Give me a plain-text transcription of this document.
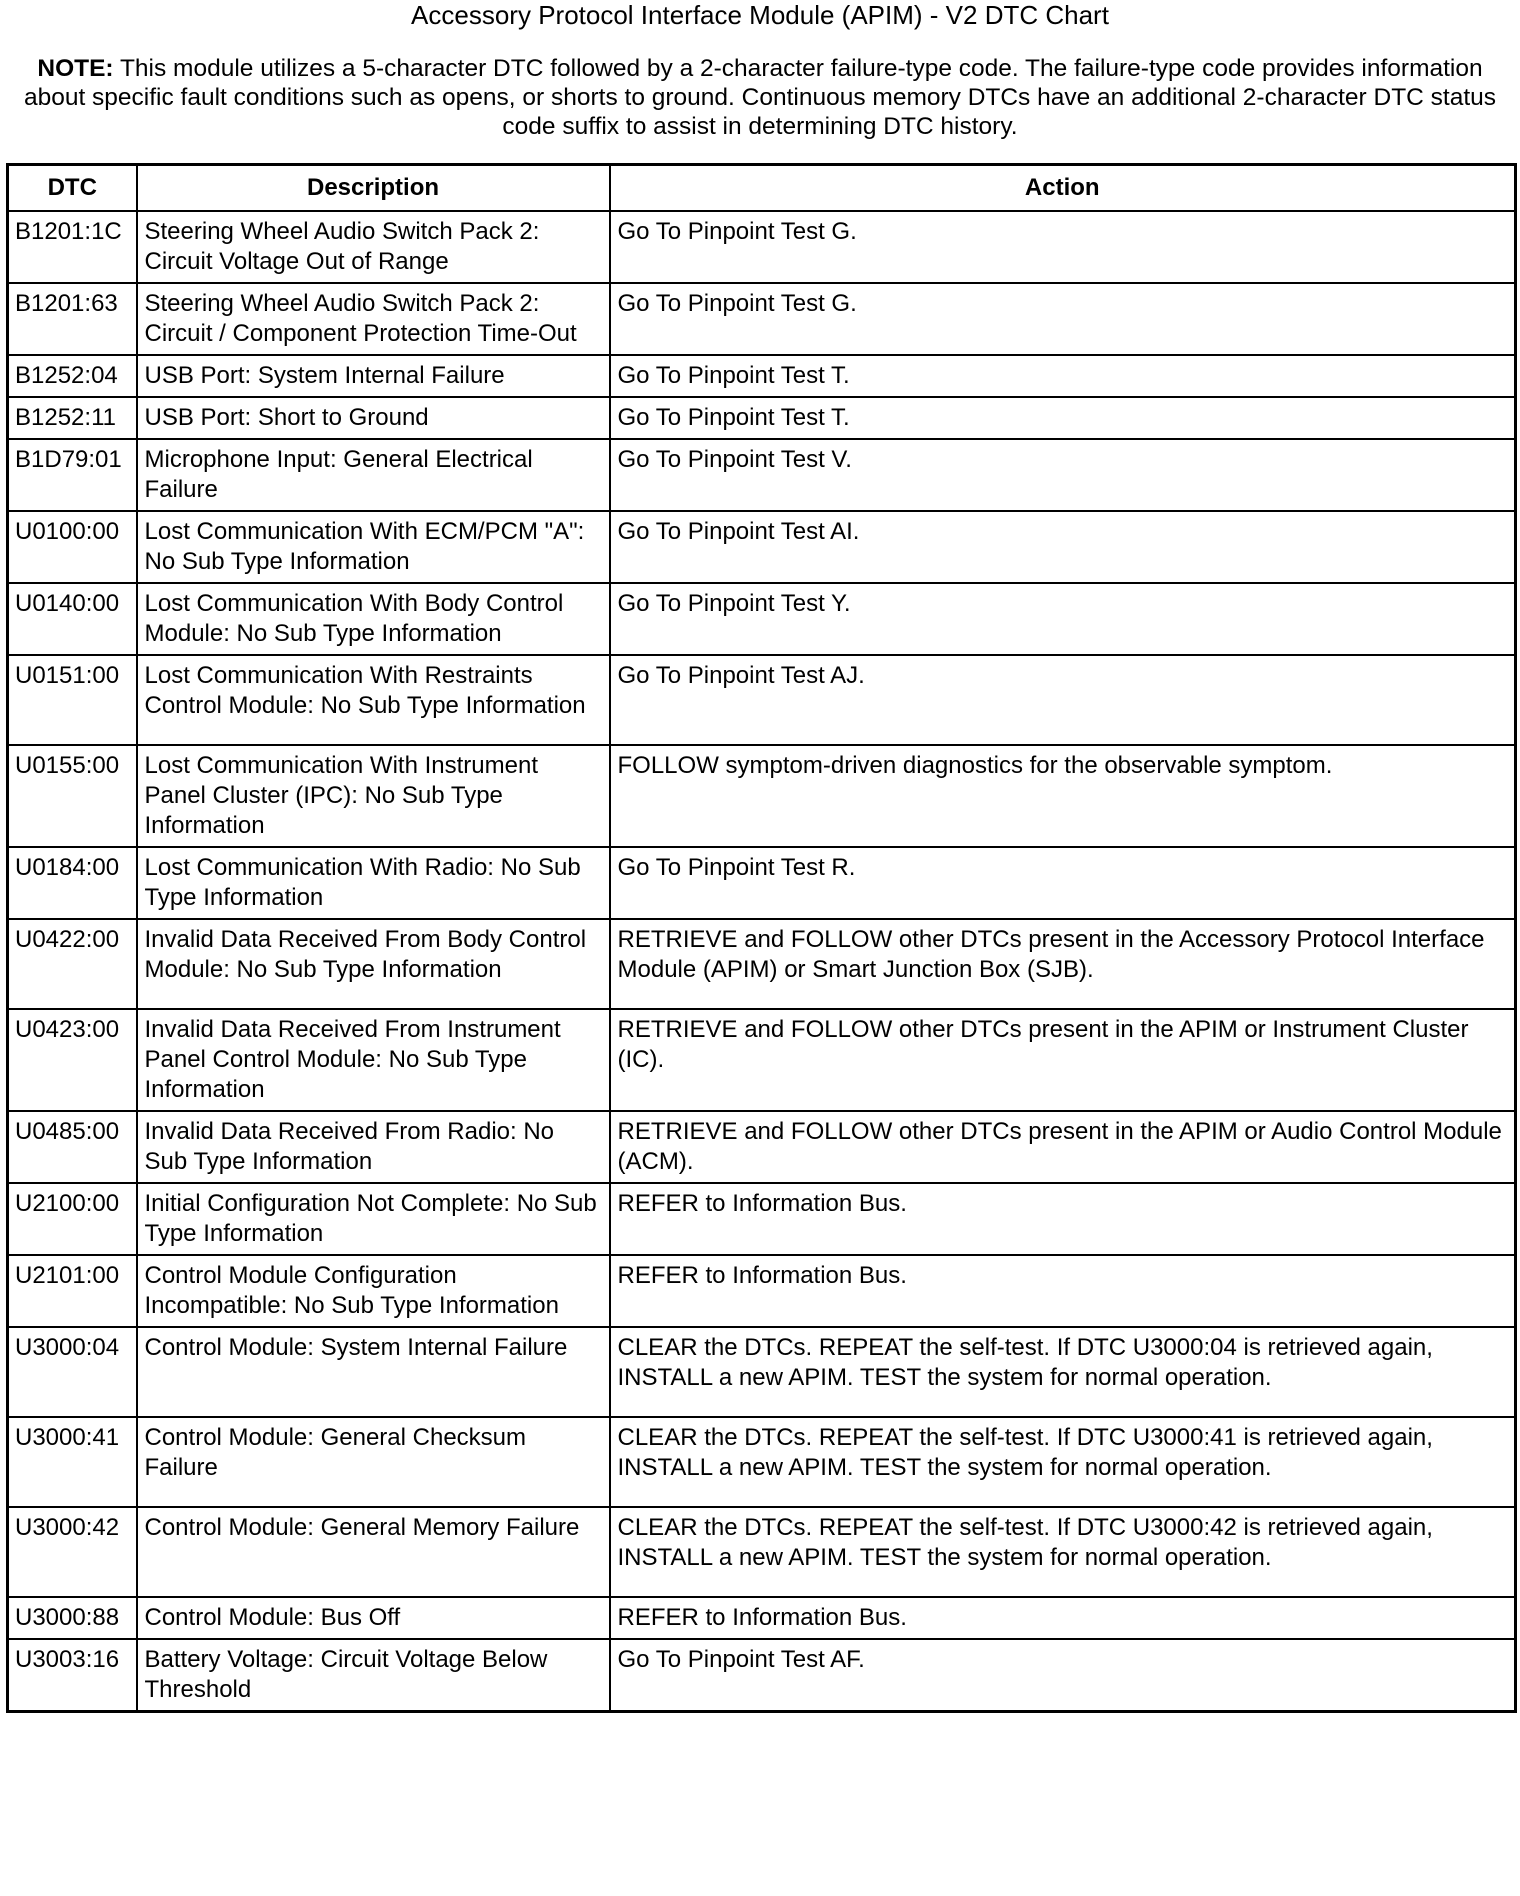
Accessory Protocol Interface Module (APIM) - V2 DTC Chart
NOTE: This module utilizes a 5-character DTC followed by a 2-character failure-type code. The failure-type code provides information about specific fault conditions such as opens, or shorts to ground. Continuous memory DTCs have an additional 2-character DTC status code suffix to assist in determining DTC history.
DTC	Description	Action
B1201:1C	Steering Wheel Audio Switch Pack 2: Circuit Voltage Out of Range	Go To Pinpoint Test G.
B1201:63	Steering Wheel Audio Switch Pack 2: Circuit / Component Protection Time-Out	Go To Pinpoint Test G.
B1252:04	USB Port: System Internal Failure	Go To Pinpoint Test T.
B1252:11	USB Port: Short to Ground	Go To Pinpoint Test T.
B1D79:01	Microphone Input: General Electrical Failure	Go To Pinpoint Test V.
U0100:00	Lost Communication With ECM/PCM "A": No Sub Type Information	Go To Pinpoint Test AI.
U0140:00	Lost Communication With Body Control Module: No Sub Type Information	Go To Pinpoint Test Y.
U0151:00	Lost Communication With Restraints Control Module: No Sub Type Information	Go To Pinpoint Test AJ.
U0155:00	Lost Communication With Instrument Panel Cluster (IPC): No Sub Type Information	FOLLOW symptom-driven diagnostics for the observable symptom.
U0184:00	Lost Communication With Radio: No Sub Type Information	Go To Pinpoint Test R.
U0422:00	Invalid Data Received From Body Control Module: No Sub Type Information	RETRIEVE and FOLLOW other DTCs present in the Accessory Protocol Interface Module (APIM) or Smart Junction Box (SJB).
U0423:00	Invalid Data Received From Instrument Panel Control Module: No Sub Type Information	RETRIEVE and FOLLOW other DTCs present in the APIM or Instrument Cluster (IC).
U0485:00	Invalid Data Received From Radio: No Sub Type Information	RETRIEVE and FOLLOW other DTCs present in the APIM or Audio Control Module (ACM).
U2100:00	Initial Configuration Not Complete: No Sub Type Information	REFER to Information Bus.
U2101:00	Control Module Configuration Incompatible: No Sub Type Information	REFER to Information Bus.
U3000:04	Control Module: System Internal Failure	CLEAR the DTCs. REPEAT the self-test. If DTC U3000:04 is retrieved again, INSTALL a new APIM. TEST the system for normal operation.
U3000:41	Control Module: General Checksum Failure	CLEAR the DTCs. REPEAT the self-test. If DTC U3000:41 is retrieved again, INSTALL a new APIM. TEST the system for normal operation.
U3000:42	Control Module: General Memory Failure	CLEAR the DTCs. REPEAT the self-test. If DTC U3000:42 is retrieved again, INSTALL a new APIM. TEST the system for normal operation.
U3000:88	Control Module: Bus Off	REFER to Information Bus.
U3003:16	Battery Voltage: Circuit Voltage Below Threshold	Go To Pinpoint Test AF.
